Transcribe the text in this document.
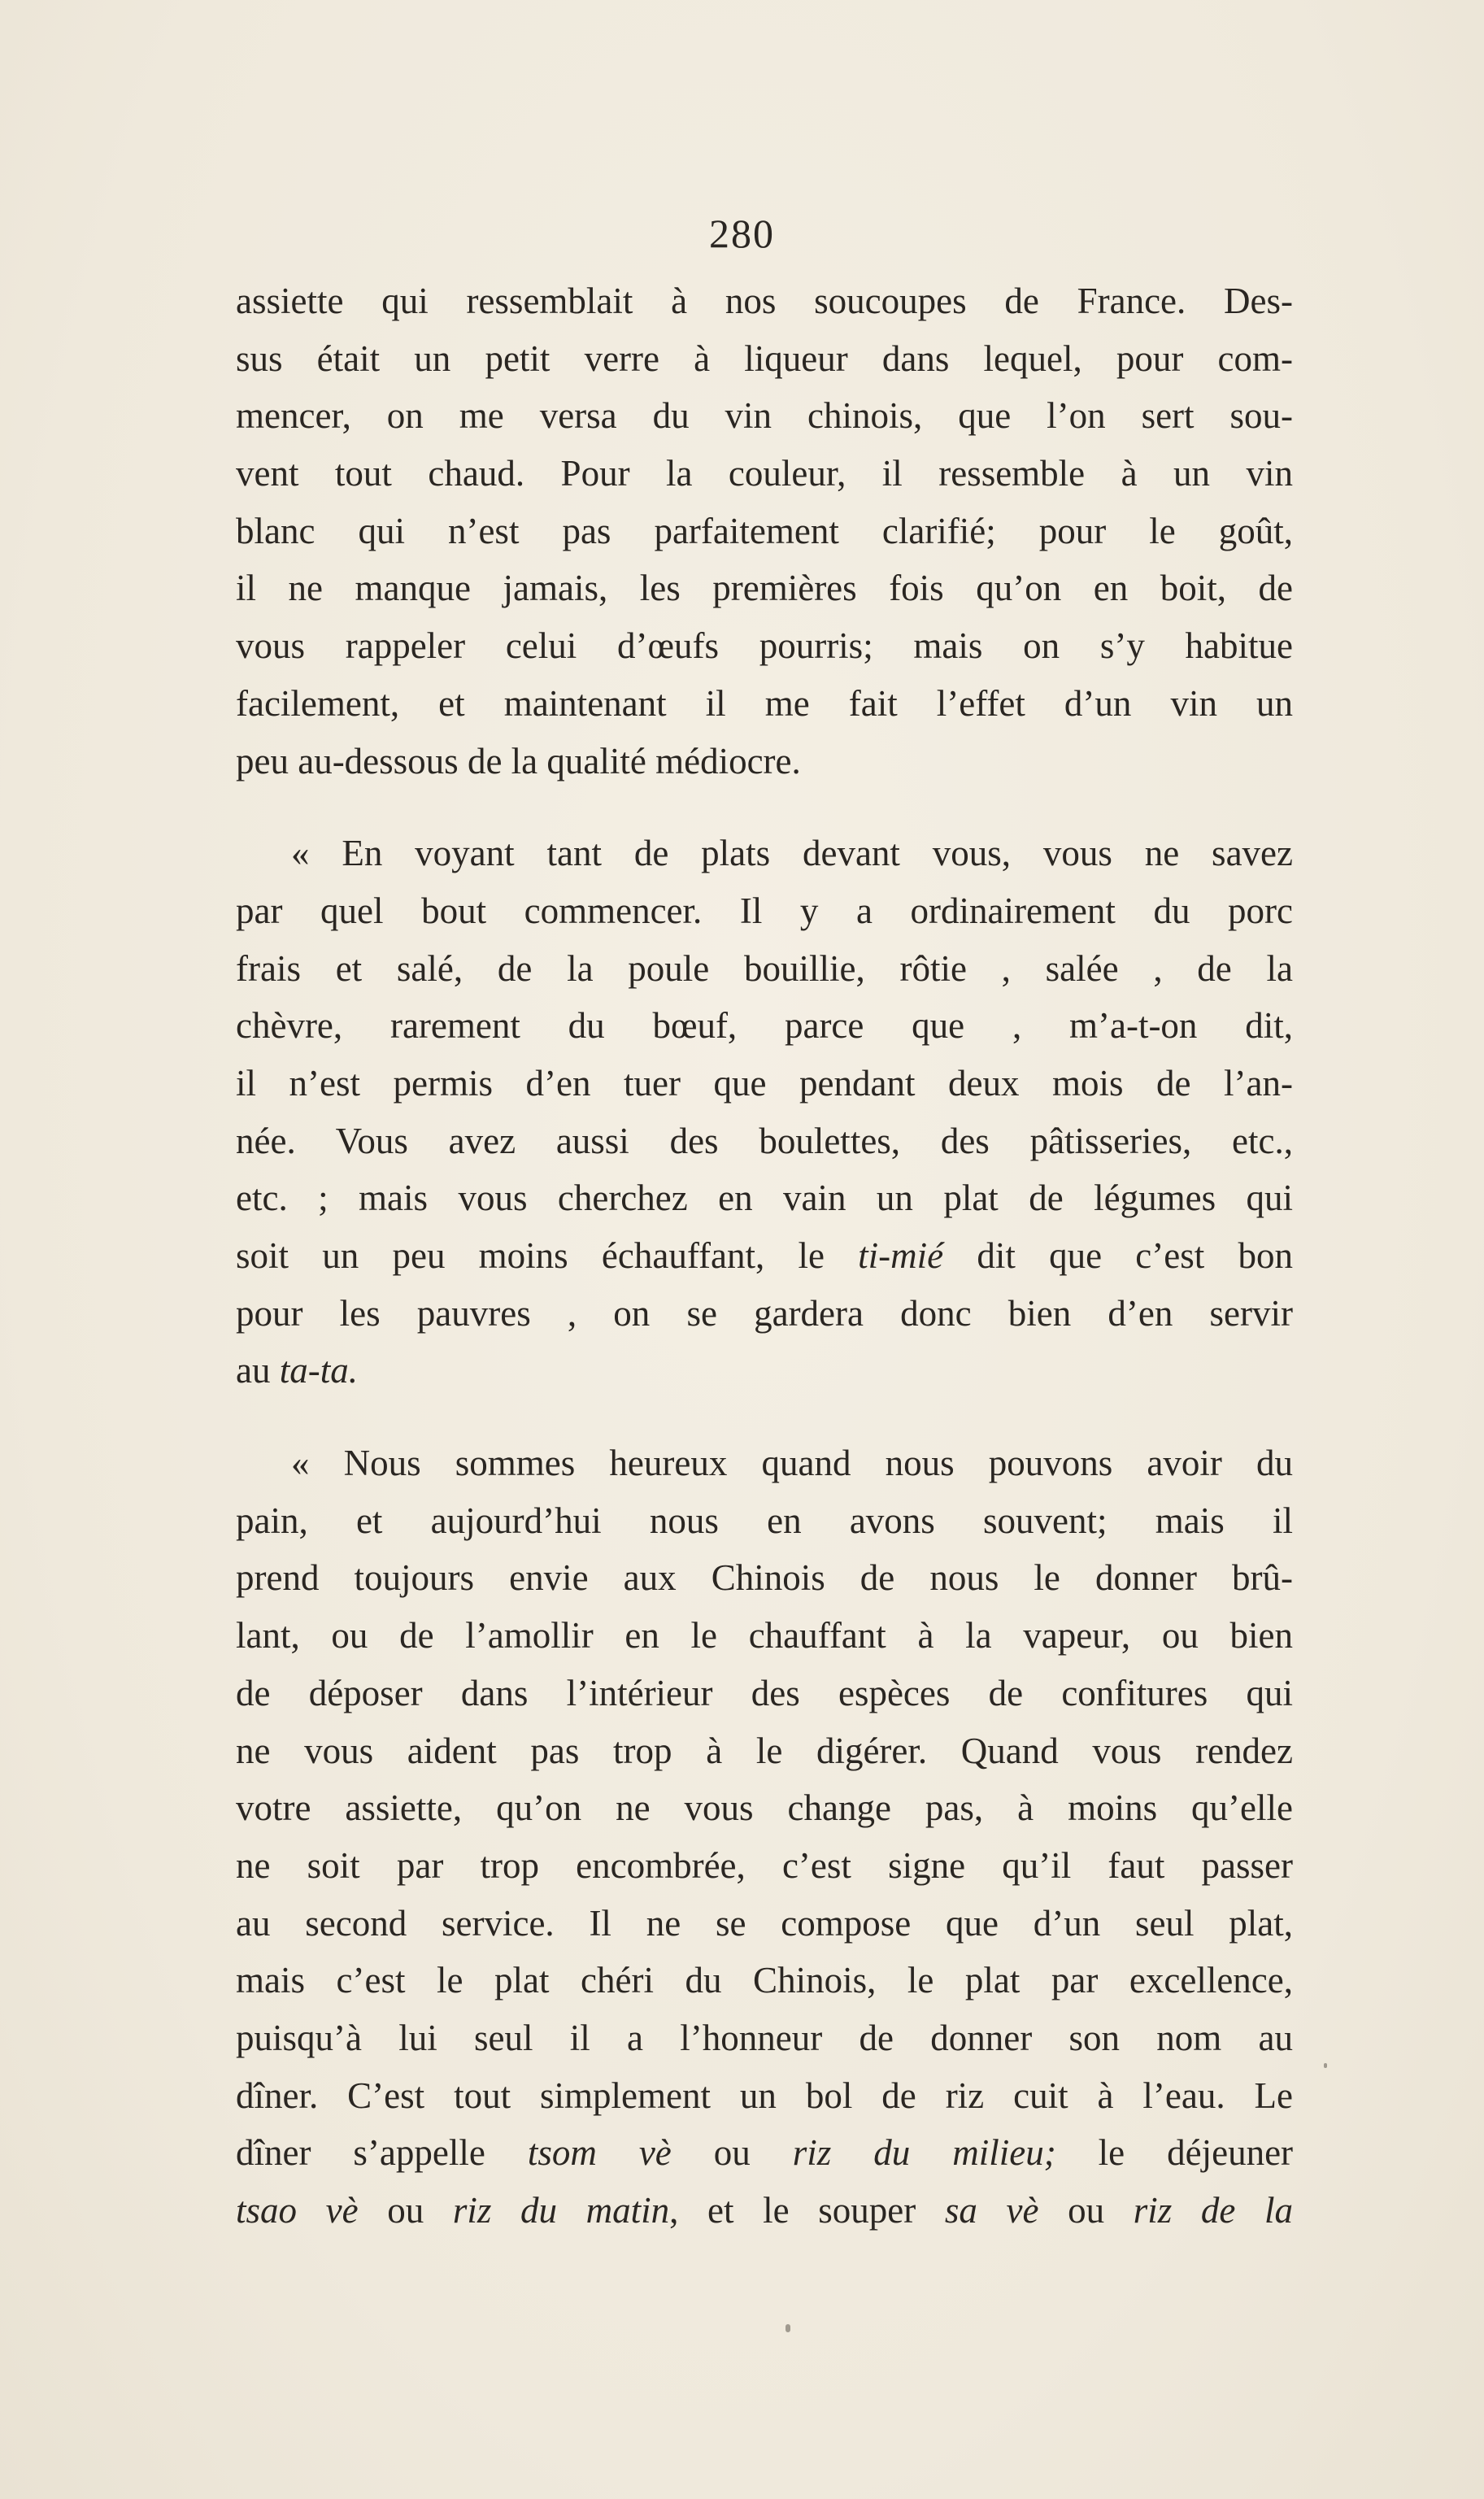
280
assiette qui ressemblait à nos soucoupes de France. Des-
sus était un petit verre à liqueur dans lequel, pour com-
mencer, on me versa du vin chinois, que l’on sert sou-
vent tout chaud. Pour la couleur, il ressemble à un vin
blanc qui n’est pas parfaitement clarifié; pour le goût,
il ne manque jamais, les premières fois qu’on en boit, de
vous rappeler celui d’œufs pourris; mais on s’y habitue
facilement, et maintenant il me fait l’effet d’un vin un
peu au-dessous de la qualité médiocre.
« En voyant tant de plats devant vous, vous ne savez
par quel bout commencer. Il y a ordinairement du porc
frais et salé, de la poule bouillie, rôtie , salée , de la
chèvre, rarement du bœuf, parce que , m’a-t-on dit,
il n’est permis d’en tuer que pendant deux mois de l’an-
née. Vous avez aussi des boulettes, des pâtisseries, etc.,
etc. ; mais vous cherchez en vain un plat de légumes qui
soit un peu moins échauffant, le ti-mié dit que c’est bon
pour les pauvres , on se gardera donc bien d’en servir
au ta-ta.
« Nous sommes heureux quand nous pouvons avoir du
pain, et aujourd’hui nous en avons souvent; mais il
prend toujours envie aux Chinois de nous le donner brû-
lant, ou de l’amollir en le chauffant à la vapeur, ou bien
de déposer dans l’intérieur des espèces de confitures qui
ne vous aident pas trop à le digérer. Quand vous rendez
votre assiette, qu’on ne vous change pas, à moins qu’elle
ne soit par trop encombrée, c’est signe qu’il faut passer
au second service. Il ne se compose que d’un seul plat,
mais c’est le plat chéri du Chinois, le plat par excellence,
puisqu’à lui seul il a l’honneur de donner son nom au
dîner. C’est tout simplement un bol de riz cuit à l’eau. Le
dîner s’appelle tsom vè ou riz du milieu; le déjeuner
tsao vè ou riz du matin, et le souper sa vè ou riz de la
